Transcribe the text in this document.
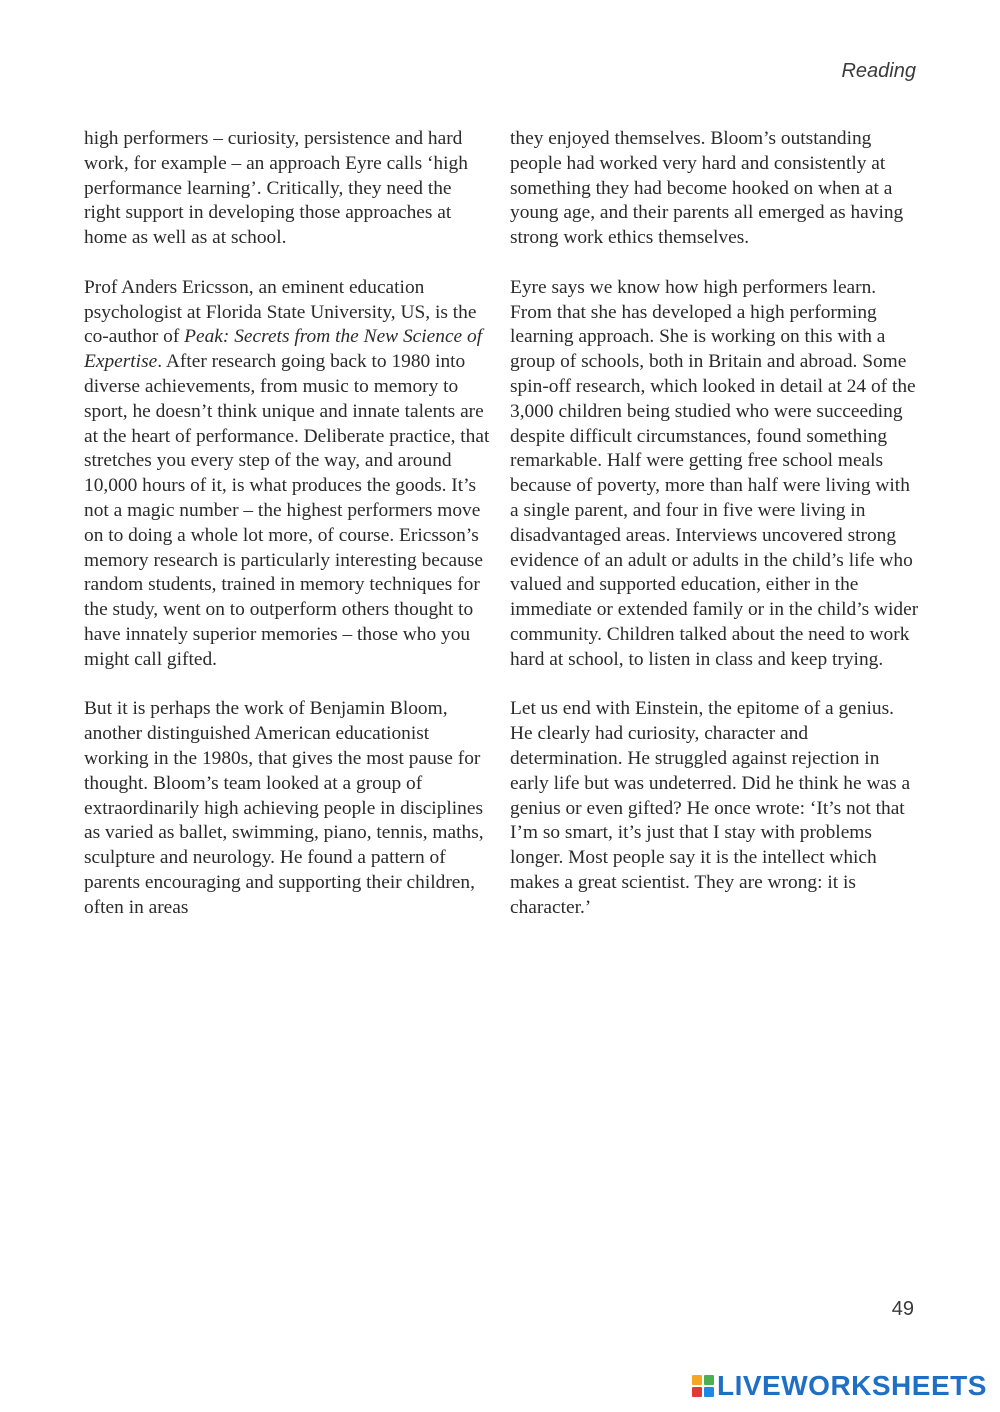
Reading

high performers – curiosity, persistence and hard work, for example – an approach Eyre calls ‘high performance learning’. Critically, they need the right support in developing those approaches at home as well as at school.

Prof Anders Ericsson, an eminent education psychologist at Florida State University, US, is the co-author of Peak: Secrets from the New Science of Expertise. After research going back to 1980 into diverse achievements, from music to memory to sport, he doesn’t think unique and innate talents are at the heart of performance. Deliberate practice, that stretches you every step of the way, and around 10,000 hours of it, is what produces the goods. It’s not a magic number – the highest performers move on to doing a whole lot more, of course. Ericsson’s memory research is particularly interesting because random students, trained in memory techniques for the study, went on to outperform others thought to have innately superior memories – those who you might call gifted.

But it is perhaps the work of Benjamin Bloom, another distinguished American educationist working in the 1980s, that gives the most pause for thought. Bloom’s team looked at a group of extraordinarily high achieving people in disciplines as varied as ballet, swimming, piano, tennis, maths, sculpture and neurology. He found a pattern of parents encouraging and supporting their children, often in areas

they enjoyed themselves. Bloom’s outstanding people had worked very hard and consistently at something they had become hooked on when at a young age, and their parents all emerged as having strong work ethics themselves.

Eyre says we know how high performers learn. From that she has developed a high performing learning approach. She is working on this with a group of schools, both in Britain and abroad. Some spin-off research, which looked in detail at 24 of the 3,000 children being studied who were succeeding despite difficult circumstances, found something remarkable. Half were getting free school meals because of poverty, more than half were living with a single parent, and four in five were living in disadvantaged areas. Interviews uncovered strong evidence of an adult or adults in the child’s life who valued and supported education, either in the immediate or extended family or in the child’s wider community. Children talked about the need to work hard at school, to listen in class and keep trying.

Let us end with Einstein, the epitome of a genius. He clearly had curiosity, character and determination. He struggled against rejection in early life but was undeterred. Did he think he was a genius or even gifted? He once wrote: ‘It’s not that I’m so smart, it’s just that I stay with problems longer. Most people say it is the intellect which makes a great scientist. They are wrong: it is character.’

49

LIVEWORKSHEETS
